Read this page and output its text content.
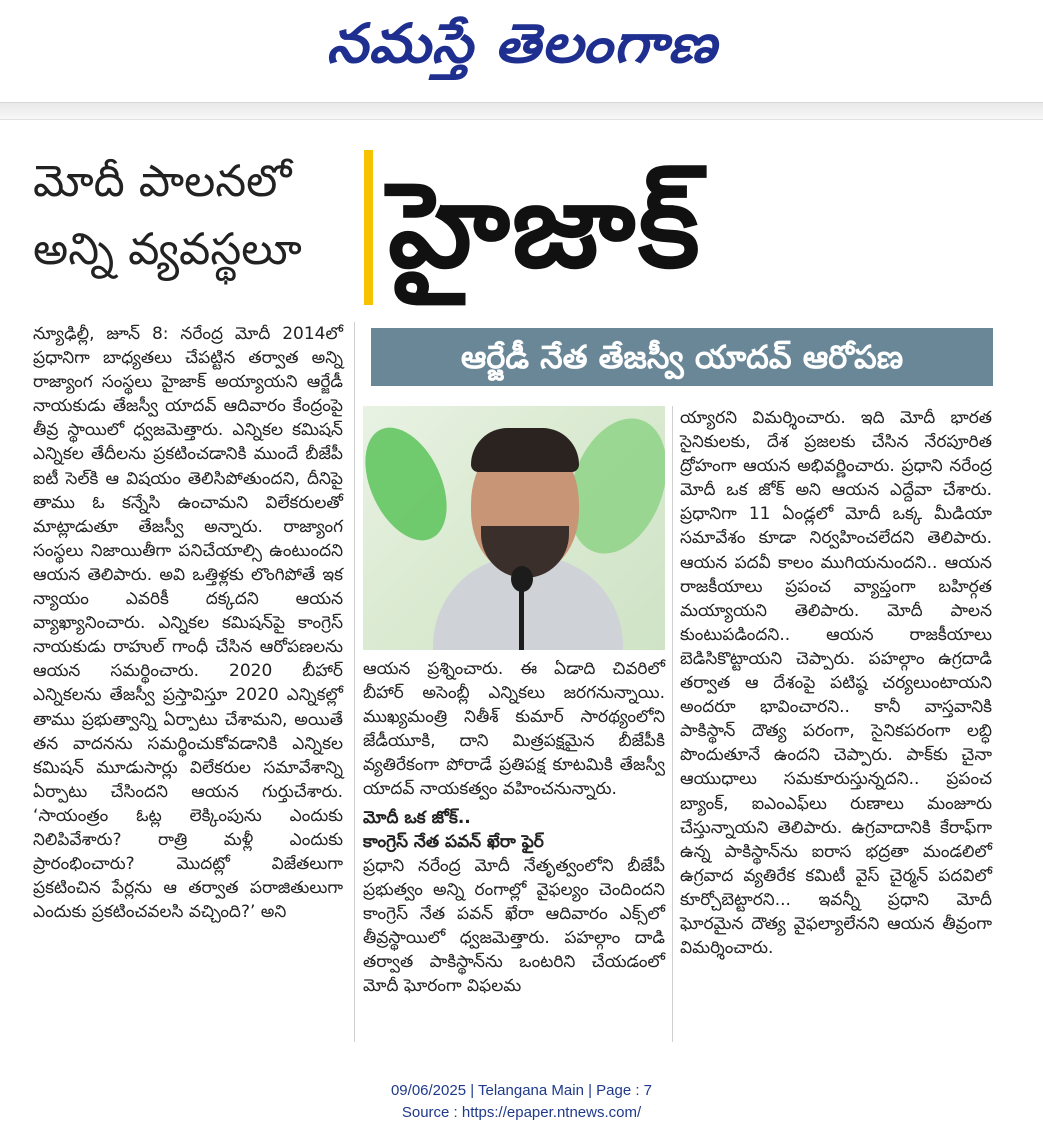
నమస్తే తెలంగాణ
మోదీ పాలనలో అన్ని వ్యవస్థలూ హైజాక్
ఆర్జేడీ నేత తేజస్వీ యాదవ్ ఆరోపణ

న్యూఢిల్లీ, జూన్ 8: నరేంద్ర మోదీ 2014లో ప్రధానిగా బాధ్యతలు చేపట్టిన తర్వాత అన్ని రాజ్యాంగ సంస్థలు హైజాక్ అయ్యాయని ఆర్జేడీ నాయకుడు తేజస్వీ యాదవ్ ఆదివారం కేంద్రంపై తీవ్ర స్థాయిలో ధ్వజమెత్తారు. ఎన్నికల కమిషన్ ఎన్నికల తేదీలను ప్రకటించడానికి ముందే బీజేపీ ఐటీ సెల్‌కి ఆ విషయం తెలిసిపోతుందని, దీనిపై తాము ఓ కన్నేసి ఉంచామని విలేకరులతో మాట్లాడుతూ తేజస్వీ అన్నారు. రాజ్యాంగ సంస్థలు నిజాయితీగా పనిచేయాల్సి ఉంటుందని ఆయన తెలిపారు. అవి ఒత్తిళ్లకు లొంగిపోతే ఇక న్యాయం ఎవరికీ దక్కదని ఆయన వ్యాఖ్యానించారు. ఎన్నికల కమిషన్‌పై కాంగ్రెస్ నాయకుడు రాహుల్ గాంధీ చేసిన ఆరోపణలను ఆయన సమర్థించారు. 2020 బీహార్ ఎన్నికలను తేజస్వీ ప్రస్తావిస్తూ 2020 ఎన్నికల్లో తాము ప్రభుత్వాన్ని ఏర్పాటు చేశామని, అయితే తన వాదనను సమర్థించుకోవడానికి ఎన్నికల కమిషన్ మూడుసార్లు విలేకరుల సమావేశాన్ని ఏర్పాటు చేసిందని ఆయన గుర్తుచేశారు. ‘సాయంత్రం ఓట్ల లెక్కింపును ఎందుకు నిలిపివేశారు? రాత్రి మళ్లీ ఎందుకు ప్రారంభించారు? మొదట్లో విజేతలుగా ప్రకటించిన పేర్లను ఆ తర్వాత పరాజితులుగా ఎందుకు ప్రకటించవలసి వచ్చింది?’ అని

ఆయన ప్రశ్నించారు. ఈ ఏడాది చివరిలో బీహార్ అసెంబ్లీ ఎన్నికలు జరగనున్నాయి. ముఖ్యమంత్రి నితీశ్ కుమార్ సారథ్యంలోని జేడీయూకి, దాని మిత్రపక్షమైన బీజేపీకి వ్యతిరేకంగా పోరాడే ప్రతిపక్ష కూటమికి తేజస్వీ యాదవ్ నాయకత్వం వహించనున్నారు.

మోదీ ఒక జోక్..

కాంగ్రెస్ నేత పవన్ ఖేరా ఫైర్

ప్రధాని నరేంద్ర మోదీ నేతృత్వంలోని బీజేపీ ప్రభుత్వం అన్ని రంగాల్లో వైఫల్యం చెందిందని కాంగ్రెస్ నేత పవన్ ఖేరా ఆదివారం ఎక్స్‌లో తీవ్రస్థాయిలో ధ్వజమెత్తారు. పహల్గాం దాడి తర్వాత పాకిస్థాన్‌ను ఒంటరిని చేయడంలో మోదీ ఘోరంగా విఫలమ

య్యారని విమర్శించారు. ఇది మోదీ భారత సైనికులకు, దేశ ప్రజలకు చేసిన నేరపూరిత ద్రోహంగా ఆయన అభివర్ణించారు. ప్రధాని నరేంద్ర మోదీ ఒక జోక్ అని ఆయన ఎద్దేవా చేశారు. ప్రధానిగా 11 ఏండ్లలో మోదీ ఒక్క మీడియా సమావేశం కూడా నిర్వహించలేదని తెలిపారు. ఆయన పదవీ కాలం ముగియనుందని.. ఆయన రాజకీయాలు ప్రపంచ వ్యాప్తంగా బహిర్గత మయ్యాయని తెలిపారు. మోదీ పాలన కుంటుపడిందని.. ఆయన రాజకీయాలు బెడిసికొట్టాయని చెప్పారు. పహల్గాం ఉగ్రదాడి తర్వాత ఆ దేశంపై పటిష్ఠ చర్యలుంటాయని అందరూ భావించారని.. కానీ వాస్తవానికి పాకిస్థాన్ దౌత్య పరంగా, సైనికపరంగా లబ్ధి పొందుతూనే ఉందని చెప్పారు. పాక్‌కు చైనా ఆయుధాలు సమకూరుస్తున్నదని.. ప్రపంచ బ్యాంక్, ఐఎంఎఫ్‌లు రుణాలు మంజూరు చేస్తున్నాయని తెలిపారు. ఉగ్రవాదానికి కేరాఫ్‌గా ఉన్న పాకిస్థాన్‌ను ఐరాస భద్రతా మండలిలో ఉగ్రవాద వ్యతిరేక కమిటీ వైస్ చైర్మన్ పదవిలో కూర్చోబెట్టారని... ఇవన్నీ ప్రధాని మోదీ ఘోరమైన దౌత్య వైఫల్యాలేనని ఆయన తీవ్రంగా విమర్శించారు.

09/06/2025 | Telangana Main | Page : 7
Source : https://epaper.ntnews.com/
